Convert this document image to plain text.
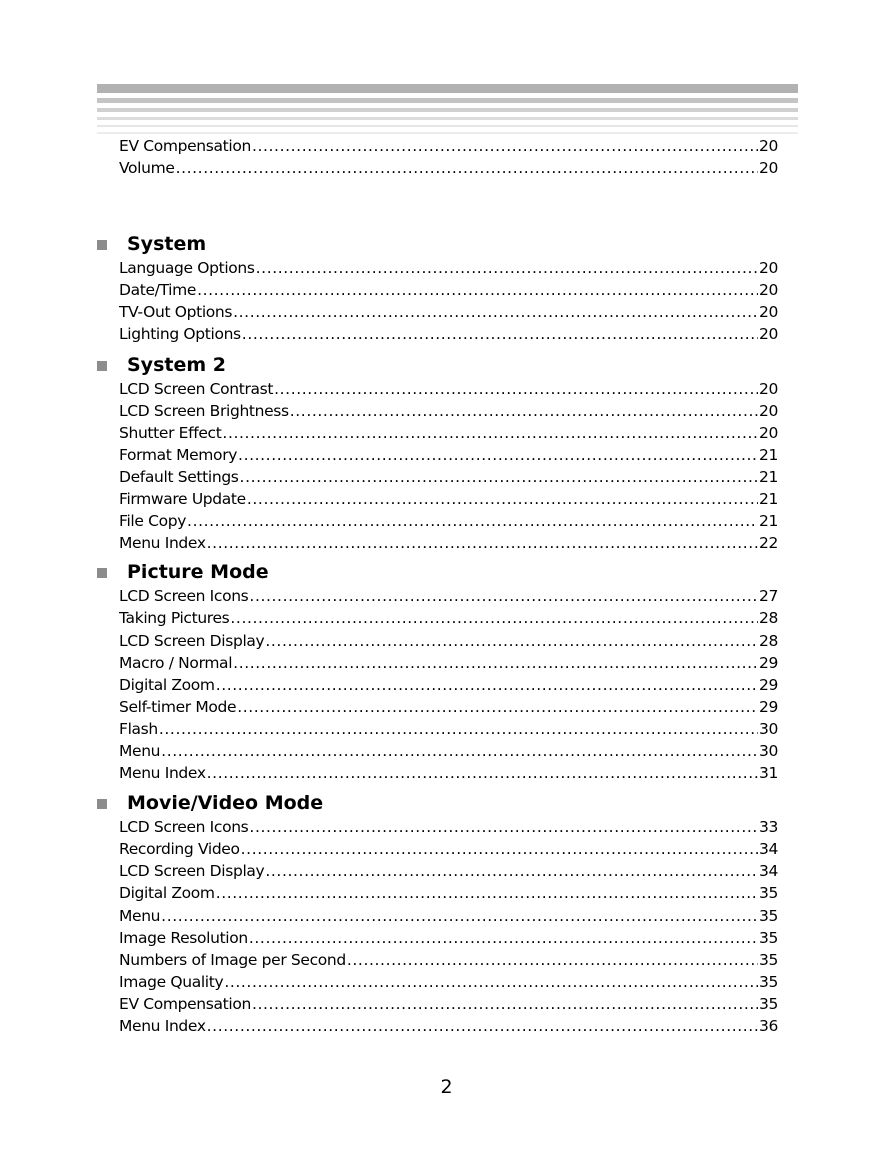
EV Compensation .....	20
Volume .....	20
System
Language Options .....	20
Date/Time .....	20
TV-Out Options .....	20
Lighting Options .....	20
System 2
LCD Screen Contrast .....	20
LCD Screen Brightness .....	20
Shutter Effect .....	20
Format Memory .....	21
Default Settings .....	21
Firmware Update .....	21
File Copy .....	21
Menu Index .....	22
Picture Mode
LCD Screen Icons .....	27
Taking Pictures .....	28
LCD Screen Display .....	28
Macro / Normal .....	29
Digital Zoom .....	29
Self-timer Mode .....	29
Flash .....	30
Menu .....	30
Menu Index .....	31
Movie/Video Mode
LCD Screen Icons .....	33
Recording Video .....	34
LCD Screen Display .....	34
Digital Zoom .....	35
Menu .....	35
Image Resolution .....	35
Numbers of Image per Second .....	35
Image Quality .....	35
EV Compensation .....	35
Menu Index .....	36
2
